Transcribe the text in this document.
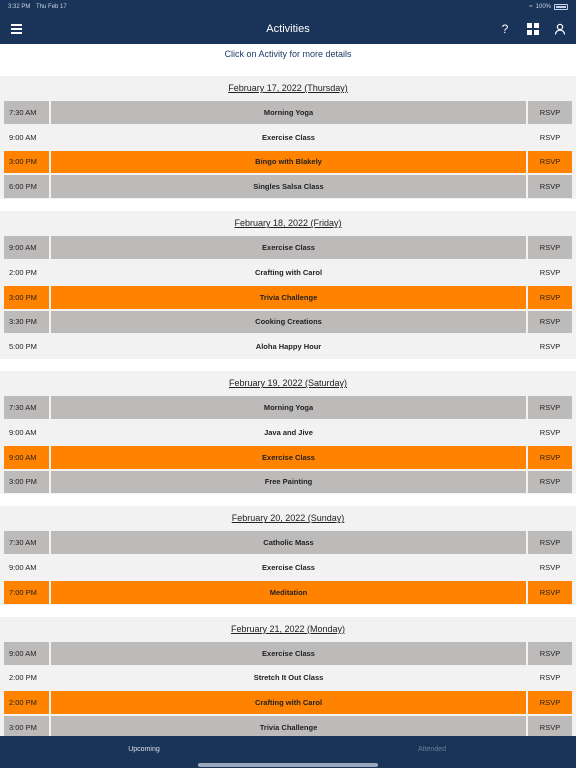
3:32 PM Thu Feb 17	≈ 100%
Activities	?
Click on Activity for more details
February 17, 2022 (Thursday)
7:30 AM	Morning Yoga	RSVP
9:00 AM	Exercise Class	RSVP
3:00 PM	Bingo with Blakely	RSVP
6:00 PM	Singles Salsa Class	RSVP
February 18, 2022 (Friday)
9:00 AM	Exercise Class	RSVP
2:00 PM	Crafting with Carol	RSVP
3:00 PM	Trivia Challenge	RSVP
3:30 PM	Cooking Creations	RSVP
5:00 PM	Aloha Happy Hour	RSVP
February 19, 2022 (Saturday)
7:30 AM	Morning Yoga	RSVP
9:00 AM	Java and Jive	RSVP
9:00 AM	Exercise Class	RSVP
3:00 PM	Free Painting	RSVP
February 20, 2022 (Sunday)
7:30 AM	Catholic Mass	RSVP
9:00 AM	Exercise Class	RSVP
7:00 PM	Meditation	RSVP
February 21, 2022 (Monday)
9:00 AM	Exercise Class	RSVP
2:00 PM	Stretch It Out Class	RSVP
2:00 PM	Crafting with Carol	RSVP
3:00 PM	Trivia Challenge	RSVP
Upcoming	Attended
